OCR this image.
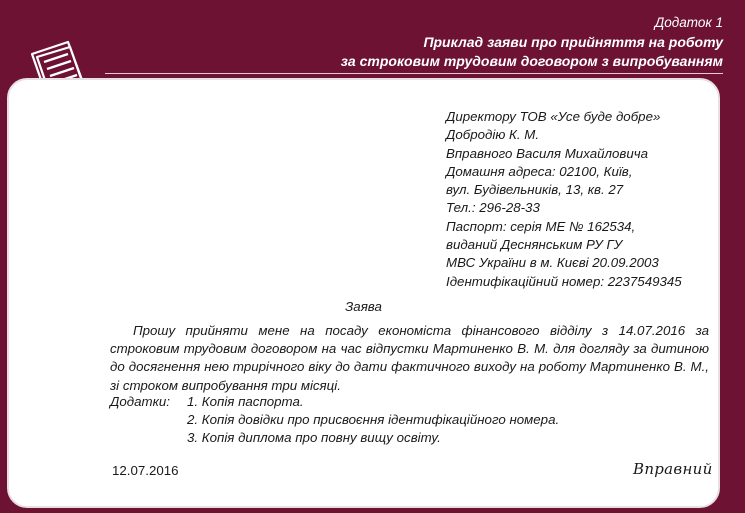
Додаток 1
Приклад заяви про прийняття на роботу
за строковим трудовим договором з випробуванням
Директору ТОВ «Усе буде добре»
Добродію К. М.
Вправного Василя Михайловича
Домашня адреса: 02100, Київ,
вул. Будівельників, 13, кв. 27
Тел.: 296-28-33
Паспорт: серія МЕ № 162534,
виданий Деснянським РУ ГУ
МВС України в м. Києві 20.09.2003
Ідентифікаційний номер: 2237549345
Заява
Прошу прийняти мене на посаду економіста фінансового відділу з 14.07.2016 за строковим трудовим договором на час відпустки Мартиненко В. М. для догляду за дитиною до досягнення нею трирічного віку до дати фактичного виходу на роботу Мартиненко В. М., зі строком випробування три місяці.
Додатки: 1. Копія паспорта.
2. Копія довідки про присвоєння ідентифікаційного номера.
3. Копія диплома про повну вищу освіту.
12.07.2016	Вправний
